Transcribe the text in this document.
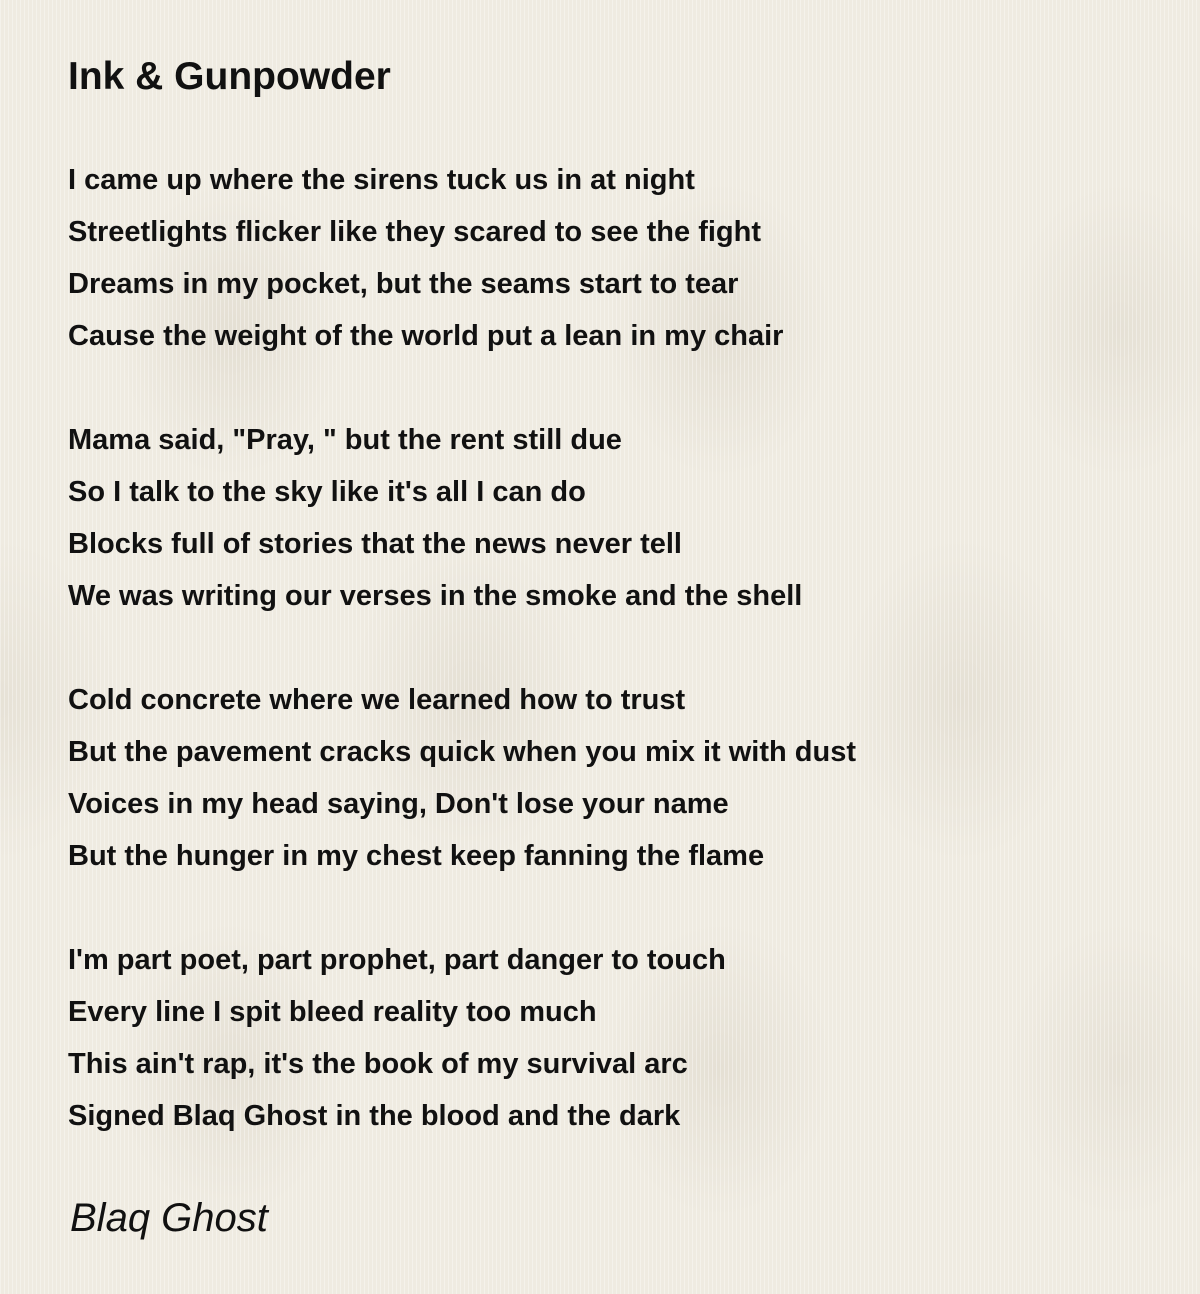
Ink & Gunpowder
I came up where the sirens tuck us in at night
Streetlights flicker like they scared to see the fight
Dreams in my pocket, but the seams start to tear
Cause the weight of the world put a lean in my chair
Mama said, "Pray, " but the rent still due
So I talk to the sky like it's all I can do
Blocks full of stories that the news never tell
We was writing our verses in the smoke and the shell
Cold concrete where we learned how to trust
But the pavement cracks quick when you mix it with dust
Voices in my head saying, Don't lose your name
But the hunger in my chest keep fanning the flame
I'm part poet, part prophet, part danger to touch
Every line I spit bleed reality too much
This ain't rap, it's the book of my survival arc
Signed Blaq Ghost in the blood and the dark
Blaq Ghost
